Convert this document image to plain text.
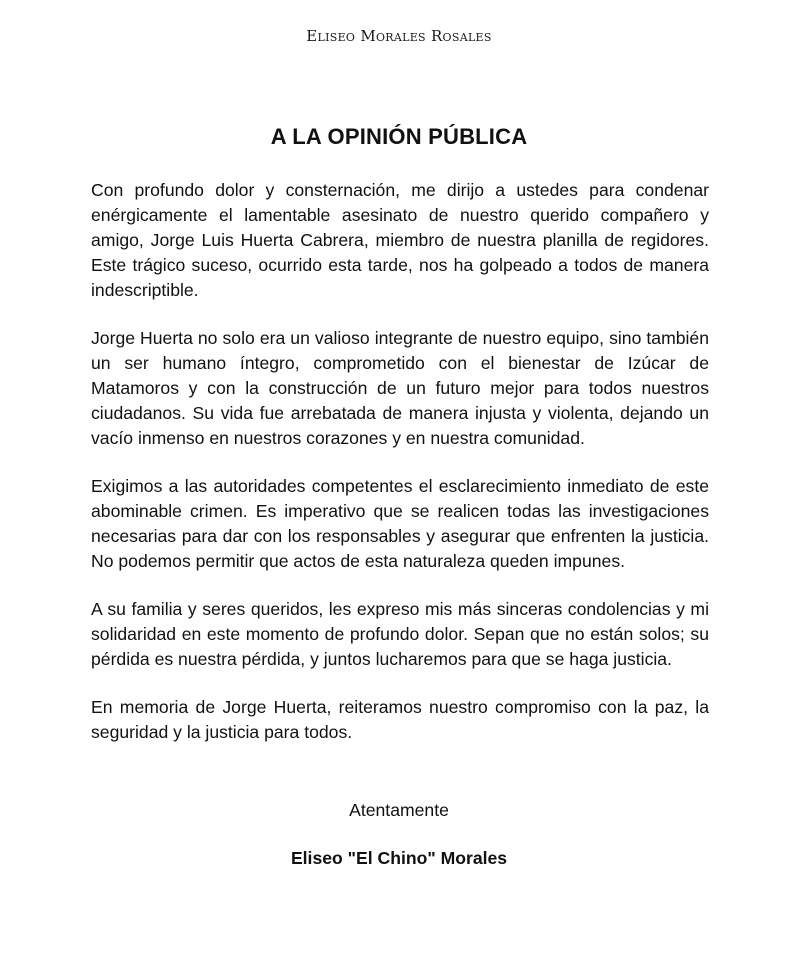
Eliseo Morales Rosales
A LA OPINIÓN PÚBLICA

Con profundo dolor y consternación, me dirijo a ustedes para condenar enérgicamente el lamentable asesinato de nuestro querido compañero y amigo, Jorge Luis Huerta Cabrera, miembro de nuestra planilla de regidores. Este trágico suceso, ocurrido esta tarde, nos ha golpeado a todos de manera indescriptible.

Jorge Huerta no solo era un valioso integrante de nuestro equipo, sino también un ser humano íntegro, comprometido con el bienestar de Izúcar de Matamoros y con la construcción de un futuro mejor para todos nuestros ciudadanos. Su vida fue arrebatada de manera injusta y violenta, dejando un vacío inmenso en nuestros corazones y en nuestra comunidad.

Exigimos a las autoridades competentes el esclarecimiento inmediato de este abominable crimen. Es imperativo que se realicen todas las investigaciones necesarias para dar con los responsables y asegurar que enfrenten la justicia. No podemos permitir que actos de esta naturaleza queden impunes.

A su familia y seres queridos, les expreso mis más sinceras condolencias y mi solidaridad en este momento de profundo dolor. Sepan que no están solos; su pérdida es nuestra pérdida, y juntos lucharemos para que se haga justicia.

En memoria de Jorge Huerta, reiteramos nuestro compromiso con la paz, la seguridad y la justicia para todos.

Atentamente
Eliseo "El Chino" Morales
